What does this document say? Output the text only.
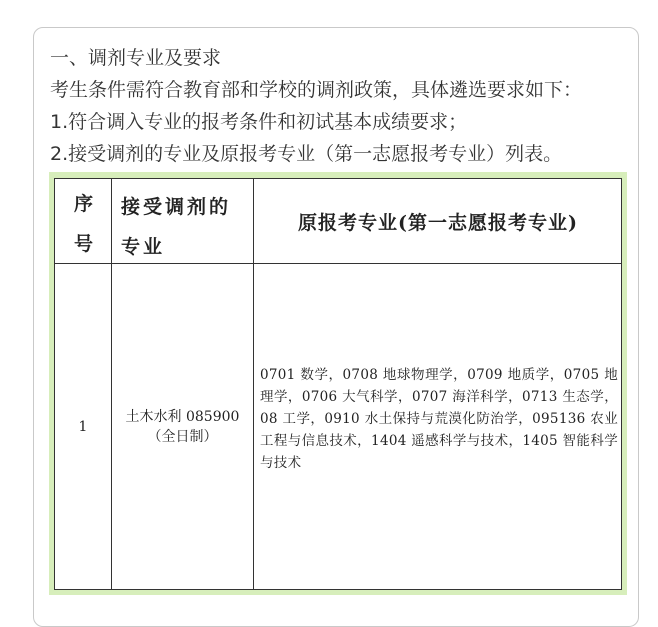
一、调剂专业及要求
考生条件需符合教育部和学校的调剂政策，具体遴选要求如下：
1.符合调入专业的报考条件和初试基本成绩要求；
2.接受调剂的专业及原报考专业（第一志愿报考专业）列表。
序
号
接受调剂的
专业
原报考专业(第一志愿报考专业)
1
土木水利 085900
（全日制）
0701 数学，0708 地球物理学，0709 地质学，0705 地理学，0706 大气科学，0707 海洋科学，0713 生态学，08 工学，0910 水土保持与荒漠化防治学，095136 农业工程与信息技术，1404 遥感科学与技术，1405 智能科学与技术
